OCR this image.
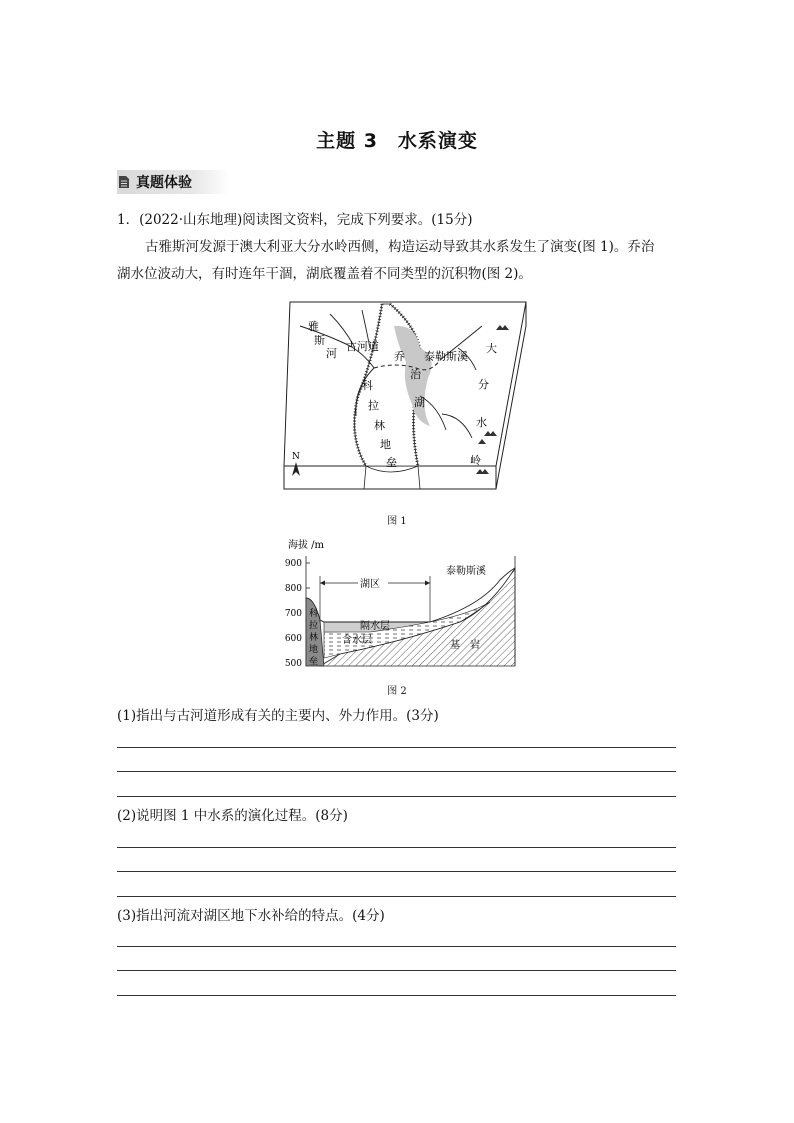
主题 3　水系演变
真题体验
1．(2022·山东地理)阅读图文资料，完成下列要求。(15分)
古雅斯河发源于澳大利亚大分水岭西侧，构造运动导致其水系发生了演变(图 1)。乔治
湖水位波动大，有时连年干涸，湖底覆盖着不同类型的沉积物(图 2)。
N
雅
斯
河
古河道
乔
治
湖
泰勒斯溪
科
拉
林
地
垒
大
分
水
岭
图 1
海拔 /m
900
800
700
600
500
湖区
泰勒斯溪
隔水层
含水层	基　岩
科
拉
林
地
垒
图 2
(1)指出与古河道形成有关的主要内、外力作用。(3分)
(2)说明图 1 中水系的演化过程。(8分)
(3)指出河流对湖区地下水补给的特点。(4分)
